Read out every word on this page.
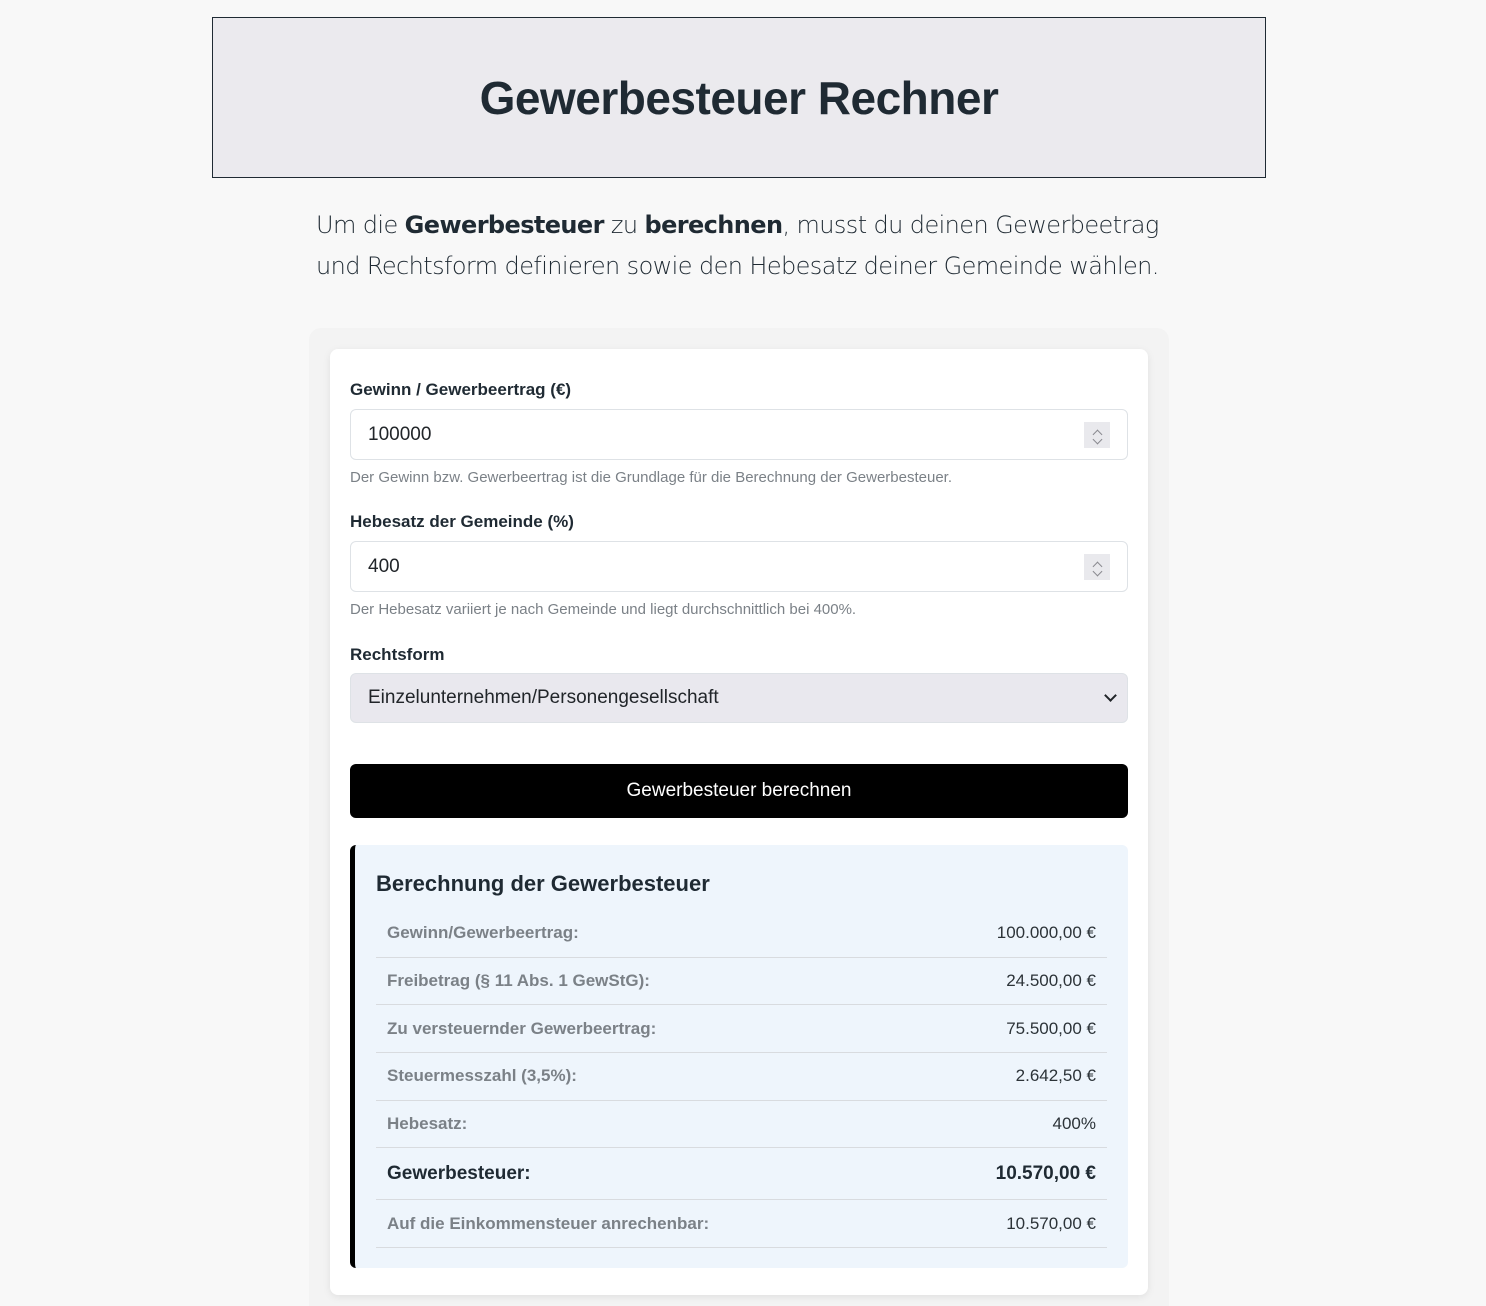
Gewerbesteuer Rechner

Um die Gewerbesteuer zu berechnen, musst du deinen Gewerbeetrag und Rechtsform definieren sowie den Hebesatz deiner Gemeinde wählen.

Gewinn / Gewerbeertrag (€)
100000
Der Gewinn bzw. Gewerbeertrag ist die Grundlage für die Berechnung der Gewerbesteuer.
Hebesatz der Gemeinde (%)
400
Der Hebesatz variiert je nach Gemeinde und liegt durchschnittlich bei 400%.
Rechtsform
Einzelunternehmen/Personengesellschaft
Gewerbesteuer berechnen
Berechnung der Gewerbesteuer
Gewinn/Gewerbeertrag:	100.000,00 €
Freibetrag (§ 11 Abs. 1 GewStG):	24.500,00 €
Zu versteuernder Gewerbeertrag:	75.500,00 €
Steuermesszahl (3,5%):	2.642,50 €
Hebesatz:	400%
Gewerbesteuer:	10.570,00 €
Auf die Einkommensteuer anrechenbar:	10.570,00 €
